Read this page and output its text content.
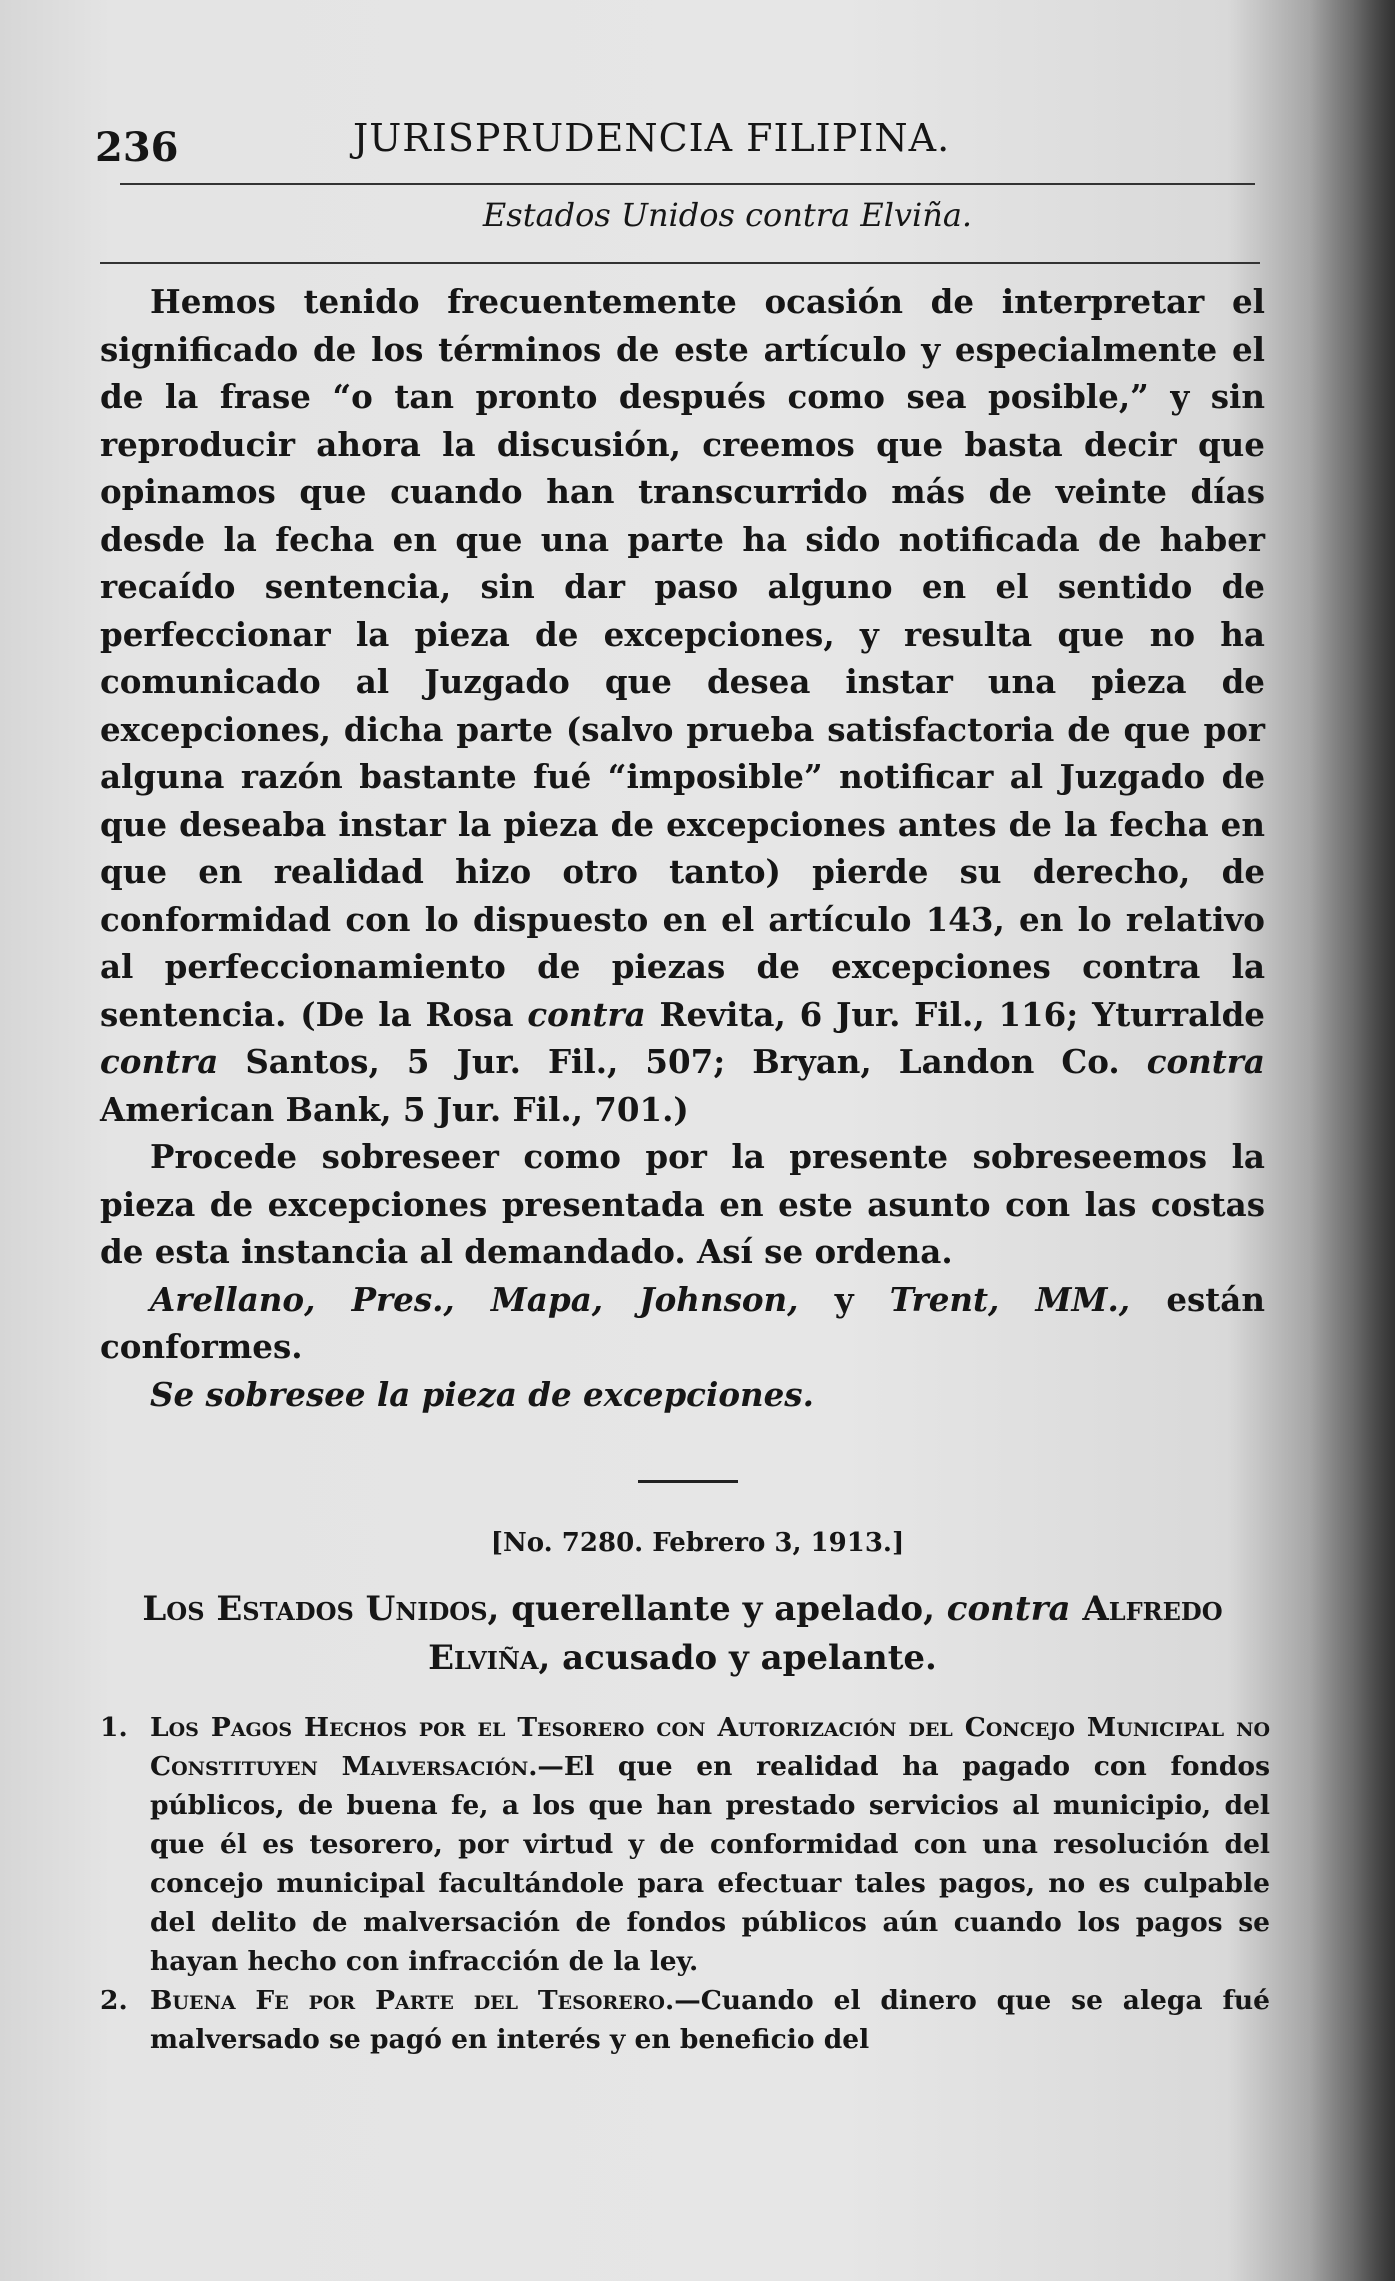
236	JURISPRUDENCIA FILIPINA.
Estados Unidos contra Elviña.

Hemos tenido frecuentemente ocasión de interpretar el significado de los términos de este artículo y especialmente el de la frase “o tan pronto después como sea posible,” y sin reproducir ahora la discusión, creemos que basta decir que opinamos que cuando han transcurrido más de veinte días desde la fecha en que una parte ha sido notificada de haber recaído sentencia, sin dar paso alguno en el sentido de perfeccionar la pieza de excepciones, y resulta que no ha comunicado al Juzgado que desea instar una pieza de excepciones, dicha parte (salvo prueba satisfactoria de que por alguna razón bastante fué “imposible” notificar al Juzgado de que deseaba instar la pieza de excepciones antes de la fecha en que en realidad hizo otro tanto) pierde su derecho, de conformidad con lo dispuesto en el artículo 143, en lo relativo al perfeccionamiento de piezas de excepciones contra la sentencia. (De la Rosa contra Revita, 6 Jur. Fil., 116; Yturralde contra Santos, 5 Jur. Fil., 507; Bryan, Landon Co. contra American Bank, 5 Jur. Fil., 701.)

Procede sobreseer como por la presente sobreseemos la pieza de excepciones presentada en este asunto con las costas de esta instancia al demandado. Así se ordena.

Arellano, Pres., Mapa, Johnson, y Trent, MM., están conformes.

Se sobresee la pieza de excepciones.

[No. 7280. Febrero 3, 1913.]
Los Estados Unidos, querellante y apelado, contra Alfredo
Elviña, acusado y apelante.

1. Los Pagos Hechos por el Tesorero con Autorización del Concejo Municipal no Constituyen Malversación.—El que en realidad ha pagado con fondos públicos, de buena fe, a los que han prestado servicios al municipio, del que él es tesorero, por virtud y de conformidad con una resolución del concejo municipal facultándole para efectuar tales pagos, no es culpable del delito de malversación de fondos públicos aún cuando los pagos se hayan hecho con infracción de la ley.

2. Buena Fe por Parte del Tesorero.—Cuando el dinero que se alega fué malversado se pagó en interés y en beneficio del
